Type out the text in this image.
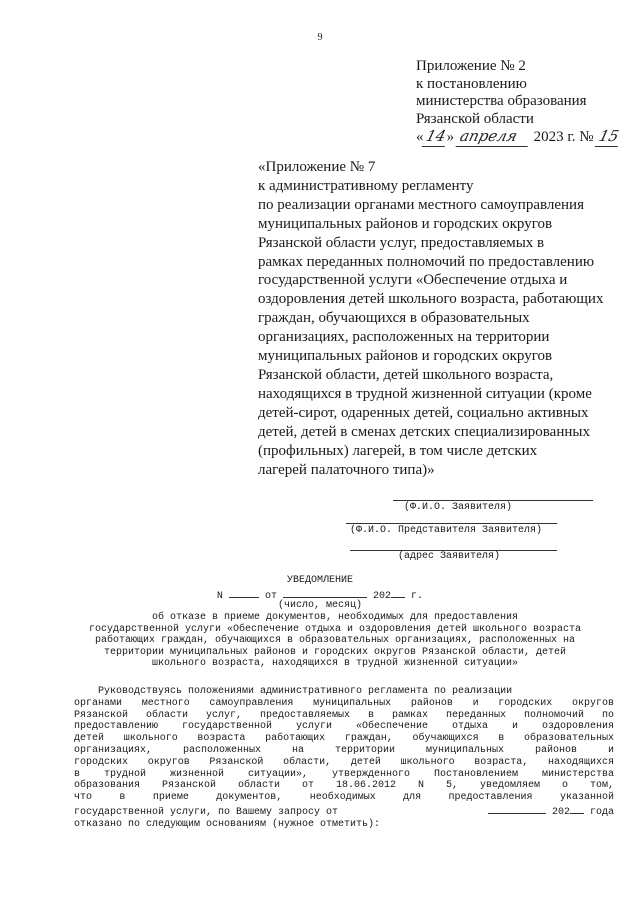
9
Приложение № 2
к постановлению
министерства образования
Рязанской области
«14» апреля 2023 г. № 15
«Приложение № 7
к административному регламенту
по реализации органами местного самоуправления
муниципальных районов и городских округов
Рязанской области услуг, предоставляемых в
рамках переданных полномочий по предоставлению
государственной услуги «Обеспечение отдыха и
оздоровления детей школьного возраста, работающих
граждан, обучающихся в образовательных
организациях, расположенных на территории
муниципальных районов и городских округов
Рязанской области, детей школьного возраста,
находящихся в трудной жизненной ситуации (кроме
детей-сирот, одаренных детей, социально активных
детей, детей в сменах детских специализированных
(профильных) лагерей, в том числе детских
лагерей палаточного типа)»
(Ф.И.О. Заявителя)
(Ф.И.О. Представителя Заявителя)
(адрес Заявителя)
УВЕДОМЛЕНИЕ
N	от	202 г.
(число, месяц)
об отказе в приеме документов, необходимых для предоставления
государственной услуги «Обеспечение отдыха и оздоровления детей школьного возраста
работающих граждан, обучающихся в образовательных организациях, расположенных на
территории муниципальных районов и городских округов Рязанской области, детей
школьного возраста, находящихся в трудной жизненной ситуации»
Руководствуясь положениями административного регламента по реализации
органами местного самоуправления муниципальных районов и городских округов
Рязанской области услуг, предоставляемых в рамках переданных полномочий по
предоставлению государственной услуги «Обеспечение отдыха и оздоровления
детей школьного возраста работающих граждан, обучающихся в образовательных
организациях, расположенных на территории муниципальных районов и
городских округов Рязанской области, детей школьного возраста, находящихся
в трудной жизненной ситуации», утвержденного Постановлением министерства
образования Рязанской области от 18.06.2012 N 5, уведомляем о том,
что в приеме документов, необходимых для предоставления указанной
государственной услуги, по Вашему запросу от	202 года
отказано по следующим основаниям (нужное отметить):
